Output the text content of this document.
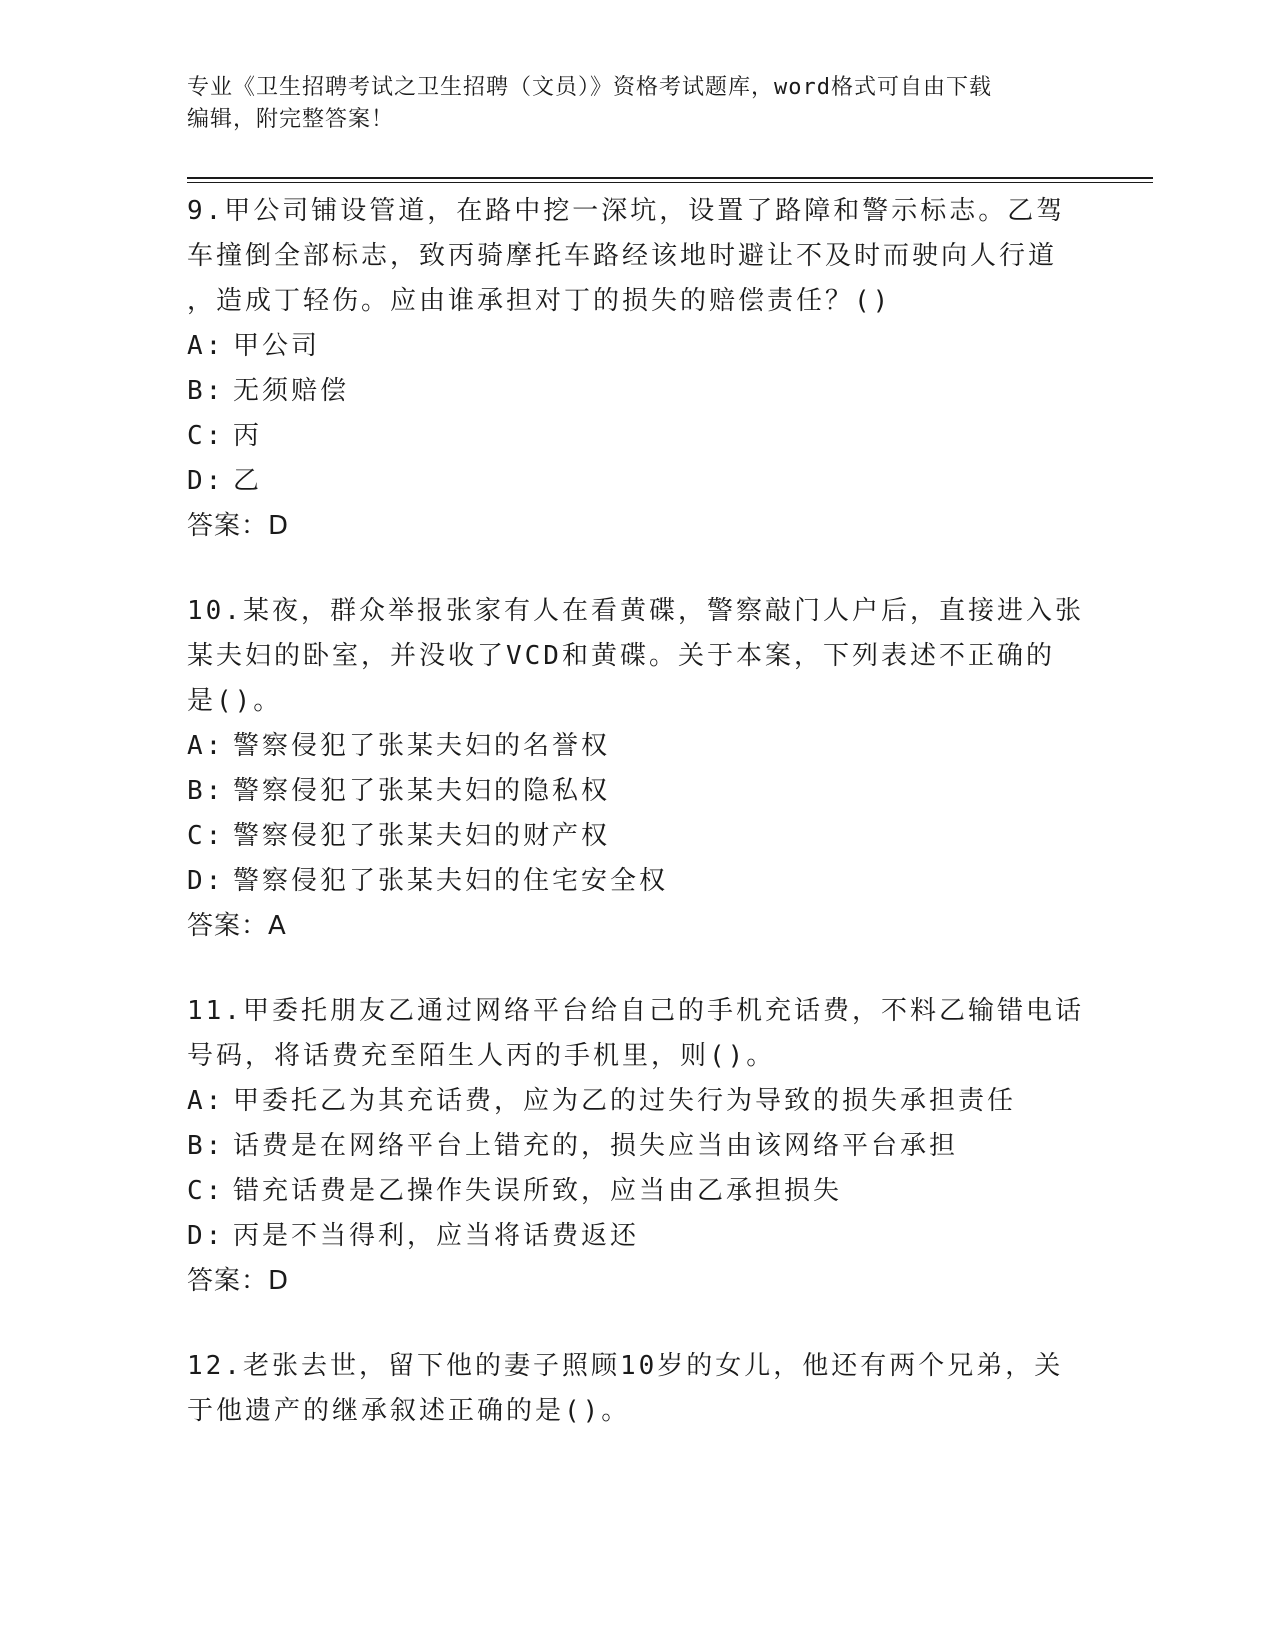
专业《卫生招聘考试之卫生招聘（文员）》资格考试题库，word格式可自由下载
编辑，附完整答案！
9.甲公司铺设管道，在路中挖一深坑，设置了路障和警示标志。乙驾
车撞倒全部标志，致丙骑摩托车路经该地时避让不及时而驶向人行道
，造成丁轻伤。应由谁承担对丁的损失的赔偿责任？()
A: 甲公司
B: 无须赔偿
C: 丙
D: 乙
答案：D
10.某夜，群众举报张家有人在看黄碟，警察敲门人户后，直接进入张
某夫妇的卧室，并没收了VCD和黄碟。关于本案，下列表述不正确的
是()。
A: 警察侵犯了张某夫妇的名誉权
B: 警察侵犯了张某夫妇的隐私权
C: 警察侵犯了张某夫妇的财产权
D: 警察侵犯了张某夫妇的住宅安全权
答案：A
11.甲委托朋友乙通过网络平台给自己的手机充话费，不料乙输错电话
号码，将话费充至陌生人丙的手机里，则()。
A: 甲委托乙为其充话费，应为乙的过失行为导致的损失承担责任
B: 话费是在网络平台上错充的，损失应当由该网络平台承担
C: 错充话费是乙操作失误所致，应当由乙承担损失
D: 丙是不当得利，应当将话费返还
答案：D
12.老张去世，留下他的妻子照顾10岁的女儿，他还有两个兄弟，关
于他遗产的继承叙述正确的是()。
